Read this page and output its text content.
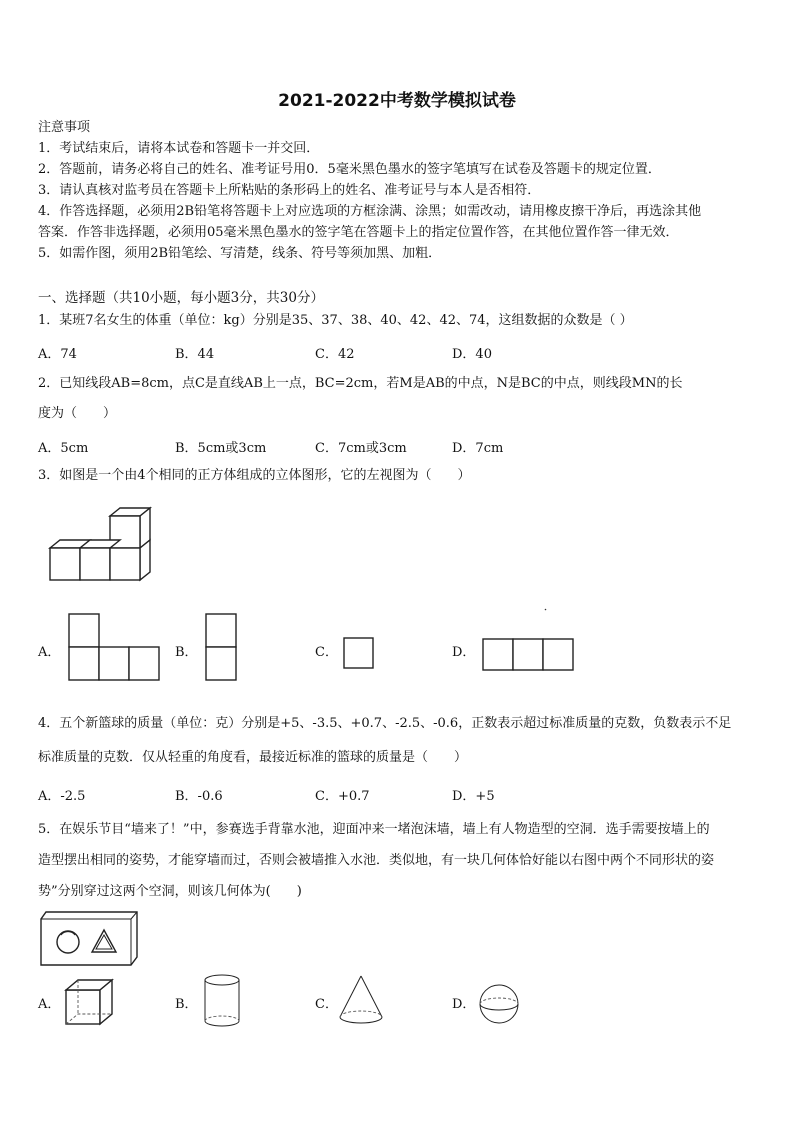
2021-2022中考数学模拟试卷
注意事项
1．考试结束后，请将本试卷和答题卡一并交回．
2．答题前，请务必将自己的姓名、准考证号用0．5毫米黑色墨水的签字笔填写在试卷及答题卡的规定位置．
3．请认真核对监考员在答题卡上所粘贴的条形码上的姓名、准考证号与本人是否相符．
4．作答选择题，必须用2B铅笔将答题卡上对应选项的方框涂满、涂黑；如需改动，请用橡皮擦干净后，再选涂其他
答案．作答非选择题，必须用05毫米黑色墨水的签字笔在答题卡上的指定位置作答，在其他位置作答一律无效．
5．如需作图，须用2B铅笔绘、写清楚，线条、符号等须加黑、加粗．
一、选择题（共10小题，每小题3分，共30分）
1．某班7名女生的体重（单位：kg）分别是35、37、38、40、42、42、74，这组数据的众数是（ ）
A．74	B．44	C．42	D．40
2．已知线段AB=8cm，点C是直线AB上一点，BC=2cm，若M是AB的中点，N是BC的中点，则线段MN的长
度为（　　）
A．5cm	B．5cm或3cm	C．7cm或3cm	D．7cm
3．如图是一个由4个相同的正方体组成的立体图形，它的左视图为（　　）
A．	B．	C．	D．
4．五个新篮球的质量（单位：克）分别是+5、-3.5、+0.7、-2.5、-0.6，正数表示超过标准质量的克数，负数表示不足
标准质量的克数．仅从轻重的角度看，最接近标准的篮球的质量是（　　）
A．-2.5	B．-0.6	C．+0.7	D．+5
5．在娱乐节目“墙来了！”中，参赛选手背靠水池，迎面冲来一堵泡沫墙，墙上有人物造型的空洞．选手需要按墙上的
造型摆出相同的姿势，才能穿墙而过，否则会被墙推入水池．类似地，有一块几何体恰好能以右图中两个不同形状的姿
势”分别穿过这两个空洞，则该几何体为(　　)
A．	B．	C．	D．
